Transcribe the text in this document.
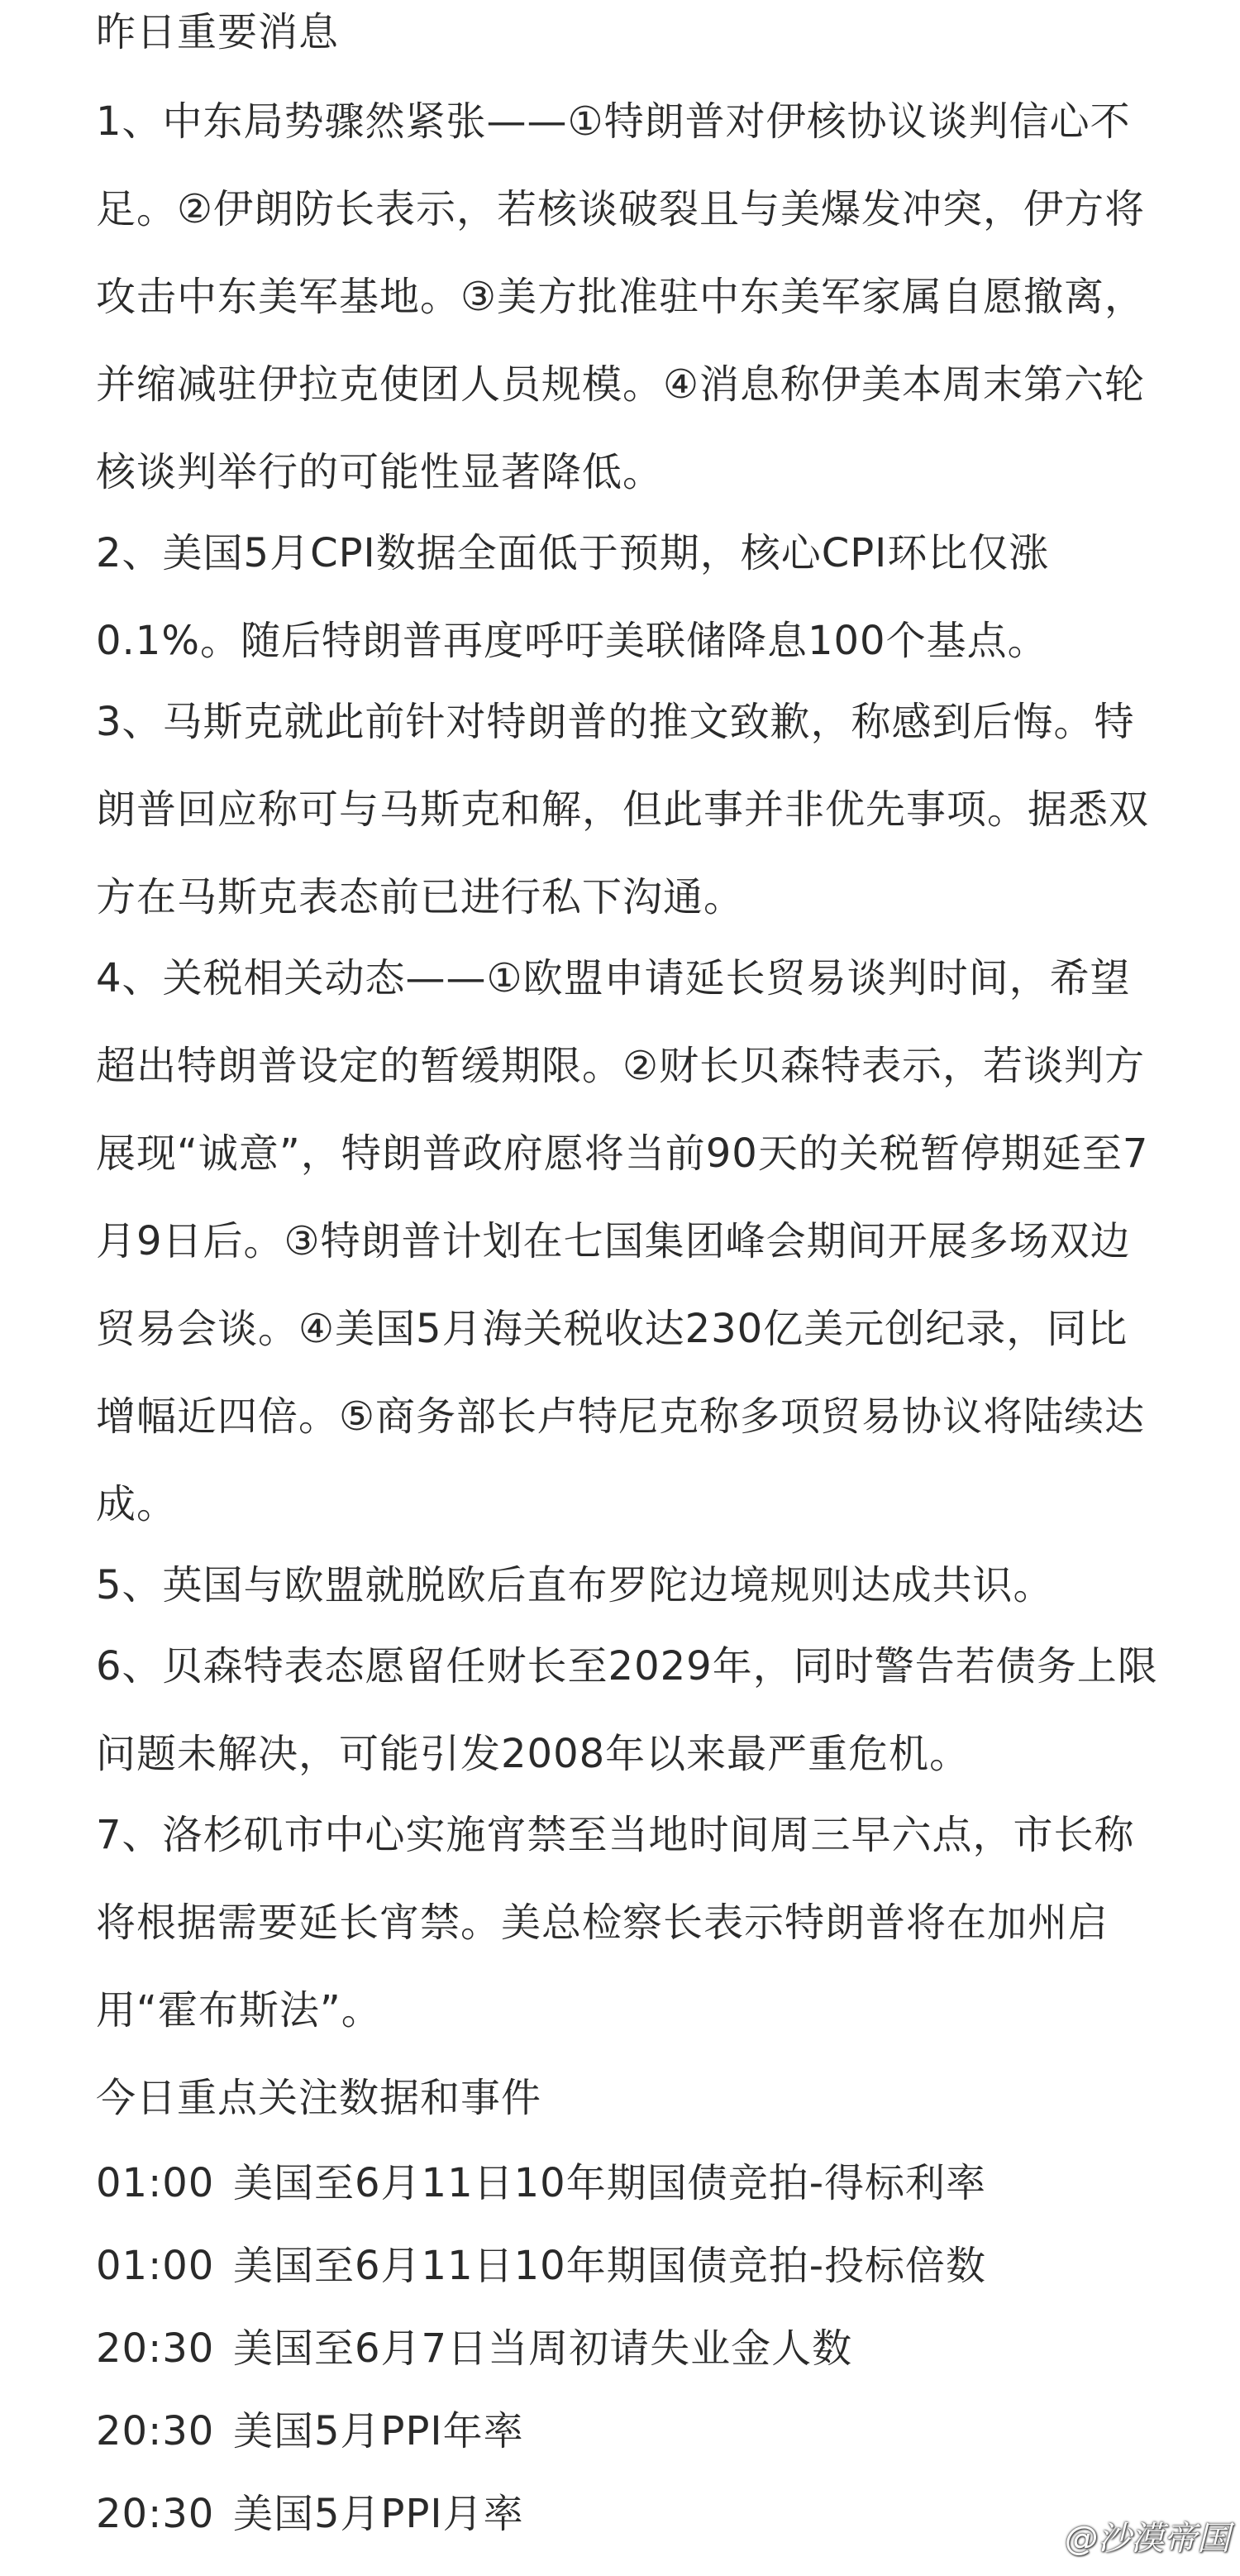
昨日重要消息
1、中东局势骤然紧张——①特朗普对伊核协议谈判信心不足。②伊朗防长表示，若核谈破裂且与美爆发冲突，伊方将攻击中东美军基地。③美方批准驻中东美军家属自愿撤离，并缩减驻伊拉克使团人员规模。④消息称伊美本周末第六轮核谈判举行的可能性显著降低。
2、美国5月CPI数据全面低于预期，核心CPI环比仅涨0.1%。随后特朗普再度呼吁美联储降息100个基点。
3、马斯克就此前针对特朗普的推文致歉，称感到后悔。特朗普回应称可与马斯克和解，但此事并非优先事项。据悉双方在马斯克表态前已进行私下沟通。
4、关税相关动态——①欧盟申请延长贸易谈判时间，希望超出特朗普设定的暂缓期限。②财长贝森特表示，若谈判方展现“诚意”，特朗普政府愿将当前90天的关税暂停期延至7月9日后。③特朗普计划在七国集团峰会期间开展多场双边贸易会谈。④美国5月海关税收达230亿美元创纪录，同比增幅近四倍。⑤商务部长卢特尼克称多项贸易协议将陆续达成。
5、英国与欧盟就脱欧后直布罗陀边境规则达成共识。
6、贝森特表态愿留任财长至2029年，同时警告若债务上限问题未解决，可能引发2008年以来最严重危机。
7、洛杉矶市中心实施宵禁至当地时间周三早六点，市长称将根据需要延长宵禁。美总检察长表示特朗普将在加州启用“霍布斯法”。
今日重点关注数据和事件
01:00 美国至6月11日10年期国债竞拍-得标利率
01:00 美国至6月11日10年期国债竞拍-投标倍数
20:30 美国至6月7日当周初请失业金人数
20:30 美国5月PPI年率
20:30 美国5月PPI月率
@沙漠帝国
